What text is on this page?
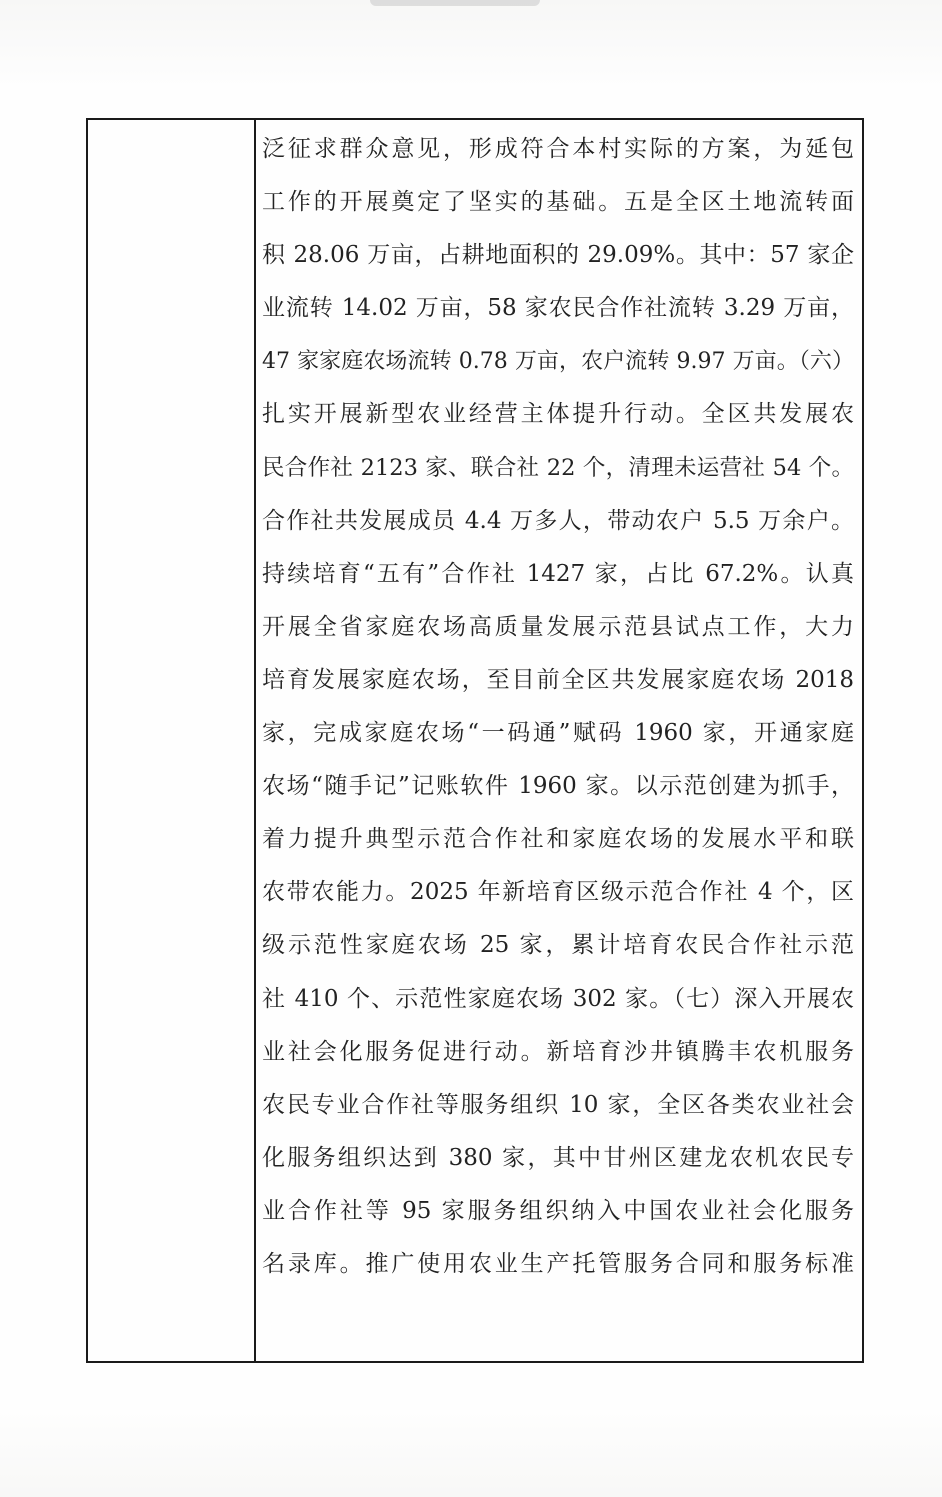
泛征求群众意见，形成符合本村实际的方案，为延包
工作的开展奠定了坚实的基础。五是全区土地流转面
积 28.06 万亩，占耕地面积的 29.09%。其中：57 家企
业流转 14.02 万亩，58 家农民合作社流转 3.29 万亩，
47 家家庭农场流转 0.78 万亩，农户流转 9.97 万亩。（六）
扎实开展新型农业经营主体提升行动。全区共发展农
民合作社 2123 家、联合社 22 个，清理未运营社 54 个。
合作社共发展成员 4.4 万多人，带动农户 5.5 万余户。
持续培育“五有”合作社 1427 家，占比 67.2%。认真
开展全省家庭农场高质量发展示范县试点工作，大力
培育发展家庭农场，至目前全区共发展家庭农场 2018
家，完成家庭农场“一码通”赋码 1960 家，开通家庭
农场“随手记”记账软件 1960 家。以示范创建为抓手，
着力提升典型示范合作社和家庭农场的发展水平和联
农带农能力。2025 年新培育区级示范合作社 4 个，区
级示范性家庭农场 25 家，累计培育农民合作社示范
社 410 个、示范性家庭农场 302 家。（七）深入开展农
业社会化服务促进行动。新培育沙井镇腾丰农机服务
农民专业合作社等服务组织 10 家，全区各类农业社会
化服务组织达到 380 家，其中甘州区建龙农机农民专
业合作社等 95 家服务组织纳入中国农业社会化服务
名录库。推广使用农业生产托管服务合同和服务标准
